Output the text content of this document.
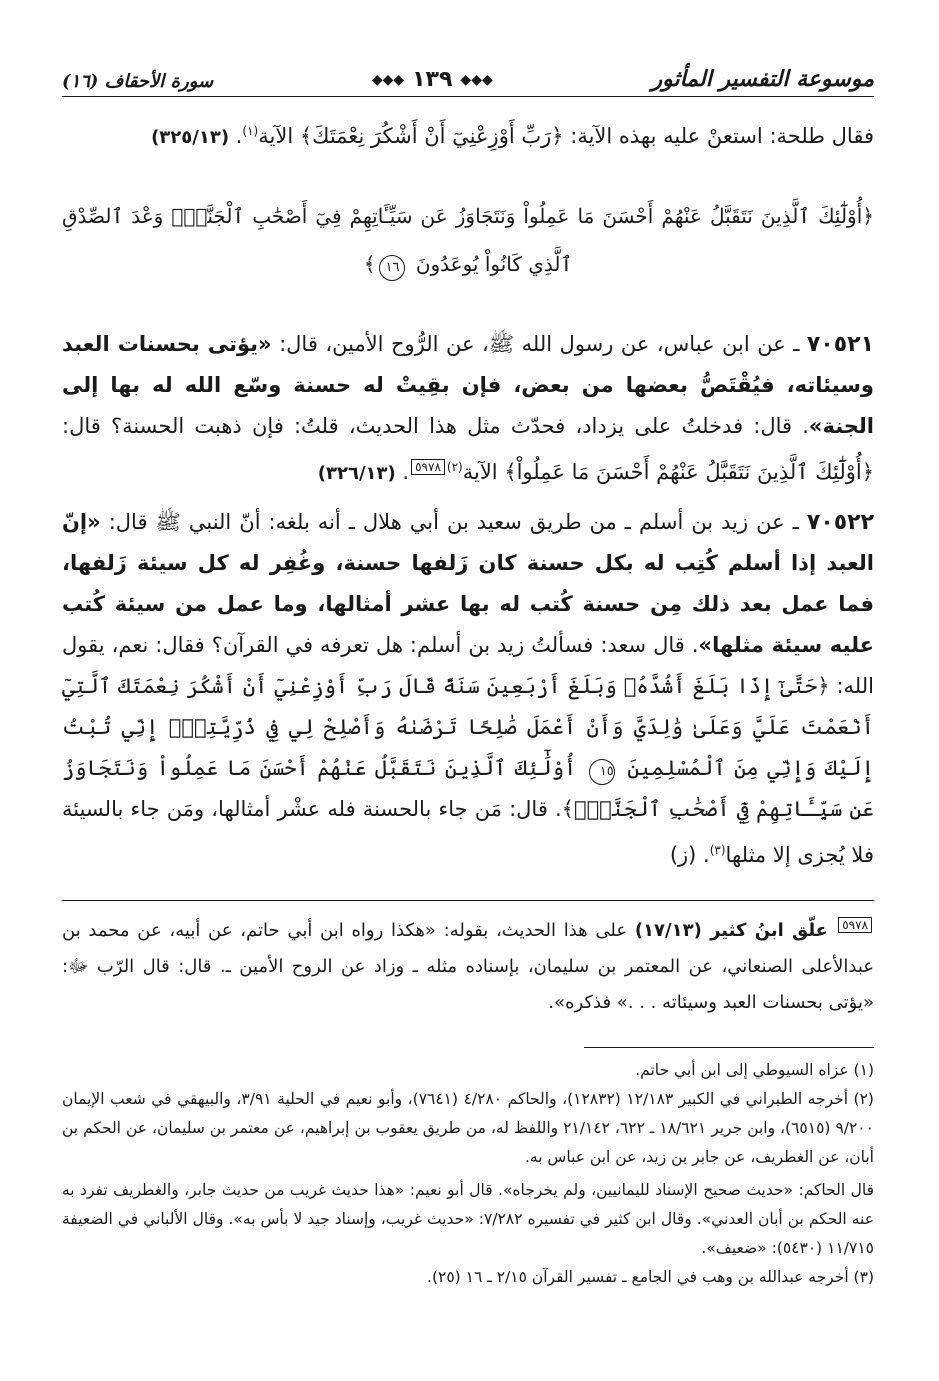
موسوعة التفسير المأثور
◆◆◆
١٣٩
◆◆◆
سورة الأحقاف (١٦)

فقال طلحة: استعنْ عليه بهذه الآية: ﴿رَبِّ أَوْزِعْنِيٓ أَنْ أَشْكُرَ نِعْمَتَكَ﴾ الآية$^{(١)}$. (٣٢٥/١٣)

﴿أُوْلَٰٓئِكَ ٱلَّذِينَ نَتَقَبَّلُ عَنْهُمْ أَحْسَنَ مَا عَمِلُواْ وَنَتَجَاوَزُ عَن سَيِّـَٔاتِهِمْ فِيٓ أَصْحَٰبِ ٱلْجَنَّةِۖ وَعْدَ ٱلصِّدْقِ ٱلَّذِي كَانُواْ يُوعَدُونَ ١٦﴾

٧٠٥٢١ ـ عن ابن عباس، عن رسول الله ﷺ، عن الرُّوح الأمين، قال: «يؤتى بحسنات العبد وسيئاته، فيُقْتَصُّ بعضها من بعض، فإن بقِيتْ له حسنة وسّع الله له بها إلى الجنة». قال: فدخلتُ على يزداد، فحدّث مثل هذا الحديث، قلتُ: فإن ذهبت الحسنة؟ قال: ﴿أُوْلَٰٓئِكَ ٱلَّذِينَ نَتَقَبَّلُ عَنْهُمْ أَحْسَنَ مَا عَمِلُواْ﴾ الآية$^{(٢)}$٥٩٧٨. (٣٢٦/١٣)

٧٠٥٢٢ ـ عن زيد بن أسلم ـ من طريق سعيد بن أبي هلال ـ أنه بلغه: أنّ النبي ﷺ قال: «إنّ العبد إذا أسلم كُتِب له بكل حسنة كان زَلفها حسنة، وغُفِر له كل سيئة زَلفها، فما عمل بعد ذلك مِن حسنة كُتب له بها عشر أمثالها، وما عمل من سيئة كُتب عليه سيئة مثلها». قال سعد: فسألتُ زيد بن أسلم: هل تعرفه في القرآن؟ فقال: نعم، يقول الله: ﴿حَتَّىٰٓ إِذَا بَلَغَ أَشُدَّهُۥ وَبَلَغَ أَرْبَعِينَ سَنَةً قَالَ رَبِّ أَوْزِعْنِيٓ أَنْ أَشْكُرَ نِعْمَتَكَ ٱلَّتِيٓ أَنْعَمْتَ عَلَيَّ وَعَلَىٰ وَٰلِدَيَّ وَأَنْ أَعْمَلَ صَٰلِحًا تَرْضَىٰهُ وَأَصْلِحْ لِي فِي ذُرِّيَّتِيٓۖ إِنِّي تُبْتُ إِلَيْكَ وَإِنِّي مِنَ ٱلْمُسْلِمِينَ ١٥ أُوْلَٰٓئِكَ ٱلَّذِينَ نَتَقَبَّلُ عَنْهُمْ أَحْسَنَ مَا عَمِلُواْ وَنَتَجَاوَزُ عَن سَيِّـَٔاتِهِمْ فِيٓ أَصْحَٰبِ ٱلْجَنَّةِۖ﴾. قال: مَن جاء بالحسنة فله عشْر أمثالها، ومَن جاء بالسيئة فلا يُجزى إلا مثلها$^{(٣)}$. (ز)

٥٩٧٨ علّق ابنُ كثير (١٧/١٣) على هذا الحديث، بقوله: «هكذا رواه ابن أبي حاتم، عن أبيه، عن محمد بن عبدالأعلى الصنعاني، عن المعتمر بن سليمان، بإسناده مثله ـ وزاد عن الروح الأمين ـ. قال: قال الرّب ﷻ: «يؤتى بحسنات العبد وسيئاته . . .» فذكره».

(١) عزاه السيوطي إلى ابن أبي حاتم.

(٢) أخرجه الطبراني في الكبير ١٢/١٨٣ (١٢٨٣٢)، والحاكم ٤/٢٨٠ (٧٦٤١)، وأبو نعيم في الحلية ٣/٩١، والبيهقي في شعب الإيمان ٩/٢٠٠ (٦٥١٥)، وابن جرير ١٨/٦٢١ ـ ٦٢٢، ٢١/١٤٢ واللفظ له، من طريق يعقوب بن إبراهيم، عن معتمر بن سليمان، عن الحكم بن أبان، عن الغطريف، عن جابر بن زيد، عن ابن عباس به.

قال الحاكم: «حديث صحيح الإسناد لليمانيين، ولم يخرجاه». قال أبو نعيم: «هذا حديث غريب من حديث جابر، والغطريف تفرد به عنه الحكم بن أبان العدني». وقال ابن كثير في تفسيره ٧/٢٨٢: «حديث غريب، وإسناد جيد لا بأس به». وقال الألباني في الضعيفة ١١/٧١٥ (٥٤٣٠): «ضعيف».

(٣) أخرجه عبدالله بن وهب في الجامع ـ تفسير القرآن ٢/١٥ ـ ١٦ (٢٥).
